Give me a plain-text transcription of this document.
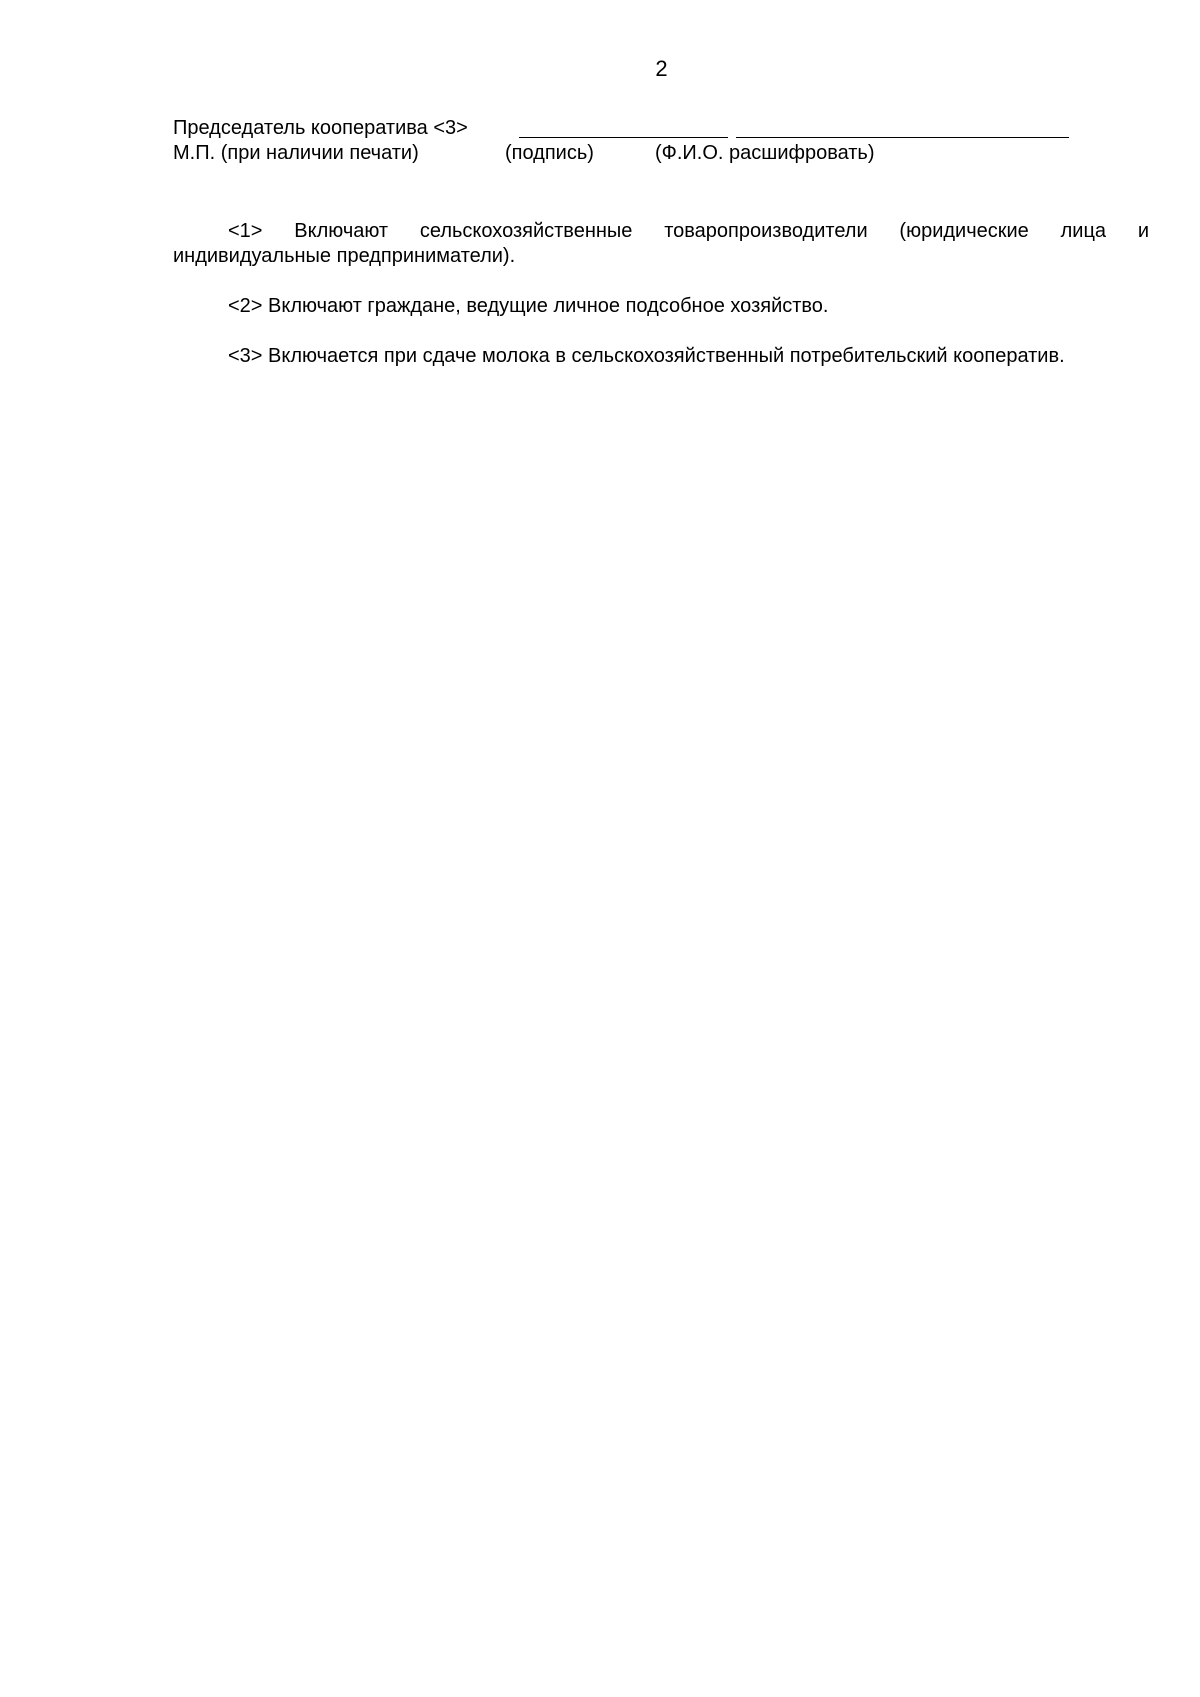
2
Председатель кооператива <3>
М.П. (при наличии печати)	(подпись)	(Ф.И.О. расшифровать)

<1> Включают сельскохозяйственные товаропроизводители (юридические лица и индивидуальные предприниматели).

<2> Включают граждане, ведущие личное подсобное хозяйство.

<3> Включается при сдаче молока в сельскохозяйственный потребительский кооператив.
